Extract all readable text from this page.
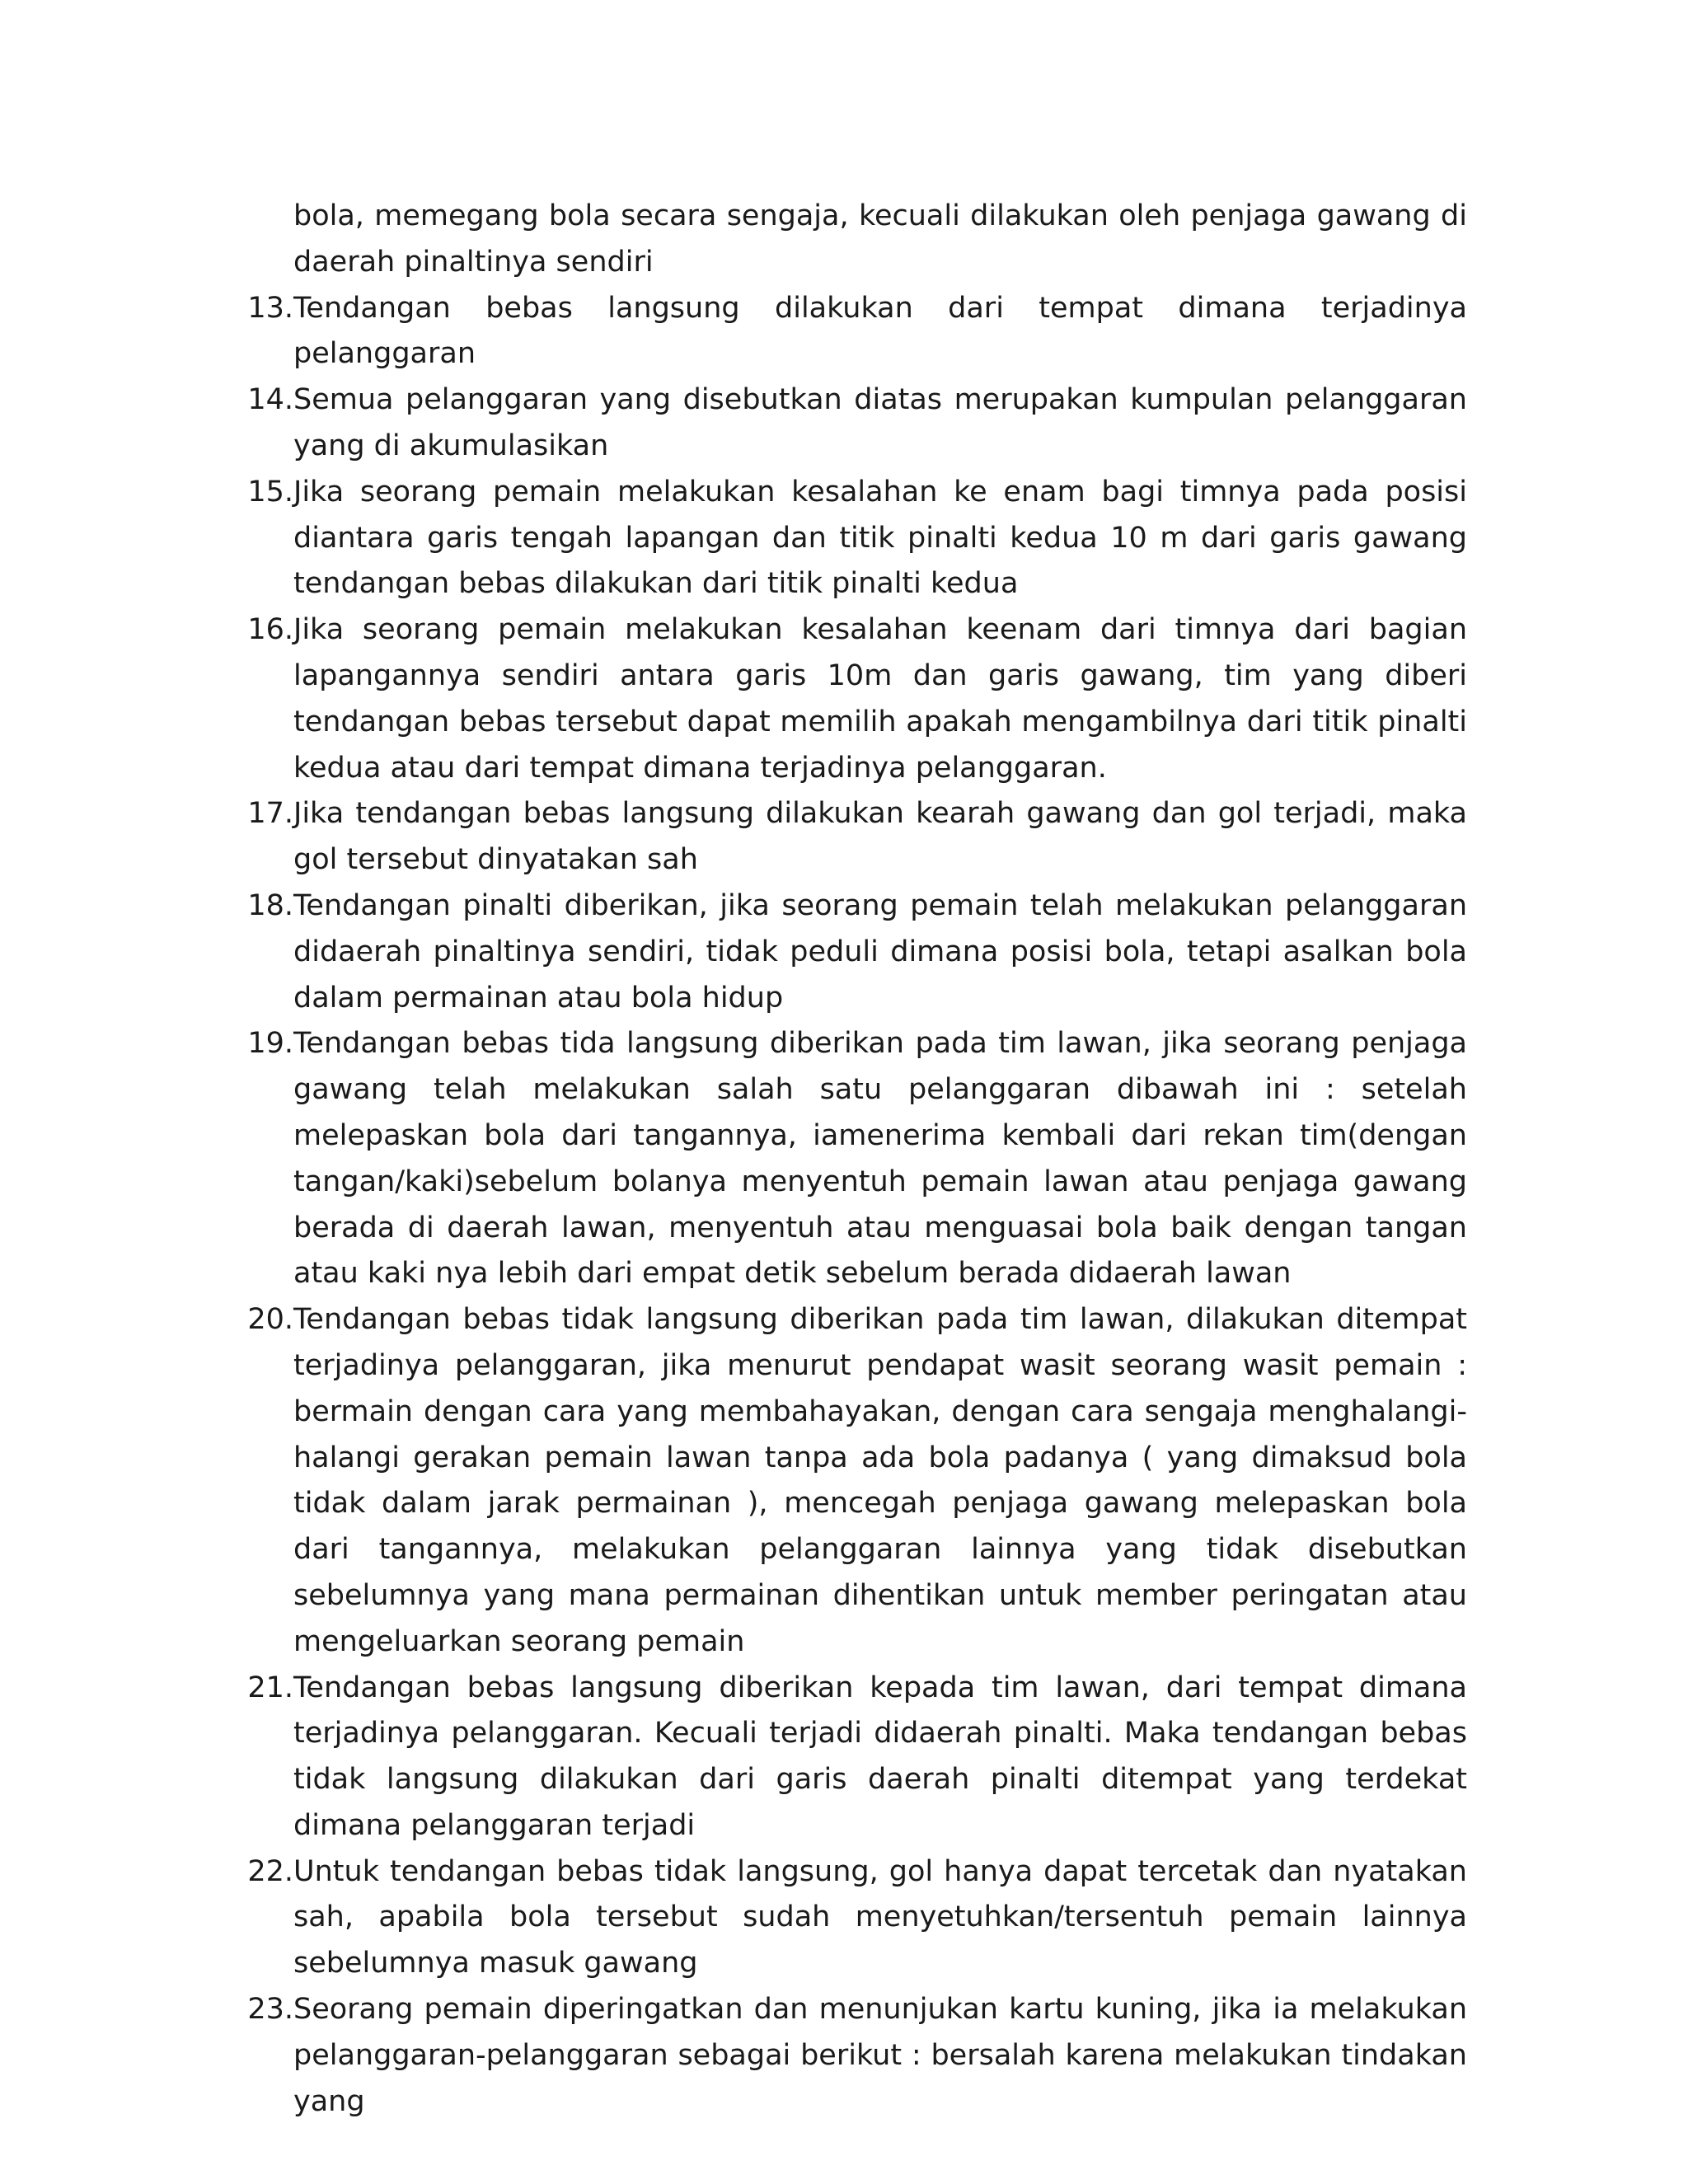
bola, memegang bola secara sengaja, kecuali dilakukan oleh penjaga gawang di daerah pinaltinya sendiri
13. Tendangan bebas langsung dilakukan dari tempat dimana terjadinya pelanggaran
14. Semua pelanggaran yang disebutkan diatas merupakan kumpulan pelanggaran yang di akumulasikan
15. Jika seorang pemain melakukan kesalahan ke enam bagi timnya pada posisi diantara garis tengah lapangan dan titik pinalti kedua 10 m dari garis gawang tendangan bebas dilakukan dari titik pinalti kedua
16. Jika seorang pemain melakukan kesalahan keenam dari timnya dari bagian lapangannya sendiri antara garis 10m dan garis gawang, tim yang diberi tendangan bebas tersebut dapat memilih apakah mengambilnya dari titik pinalti kedua atau dari tempat dimana terjadinya pelanggaran.
17. Jika tendangan bebas langsung dilakukan kearah gawang dan gol terjadi, maka gol tersebut dinyatakan sah
18. Tendangan pinalti diberikan, jika seorang pemain telah melakukan pelanggaran didaerah pinaltinya sendiri, tidak peduli dimana posisi bola, tetapi asalkan bola dalam permainan atau bola hidup
19. Tendangan bebas tida langsung diberikan pada tim lawan, jika seorang penjaga gawang telah melakukan salah satu pelanggaran dibawah ini : setelah melepaskan bola dari tangannya, iamenerima kembali dari rekan tim(dengan tangan/kaki)sebelum bolanya menyentuh pemain lawan atau penjaga gawang berada di daerah lawan, menyentuh atau menguasai bola baik dengan tangan atau kaki nya lebih dari empat detik sebelum berada didaerah lawan
20. Tendangan bebas tidak langsung diberikan pada tim lawan, dilakukan ditempat terjadinya pelanggaran, jika menurut pendapat wasit seorang wasit pemain : bermain dengan cara yang membahayakan, dengan cara sengaja menghalangi-halangi gerakan pemain lawan tanpa ada bola padanya ( yang dimaksud bola tidak dalam jarak permainan ), mencegah penjaga gawang melepaskan bola dari tangannya, melakukan pelanggaran lainnya yang tidak disebutkan sebelumnya yang mana permainan dihentikan untuk member peringatan atau mengeluarkan seorang pemain
21. Tendangan bebas langsung diberikan kepada tim lawan, dari tempat dimana terjadinya pelanggaran. Kecuali terjadi didaerah pinalti. Maka tendangan bebas tidak langsung dilakukan dari garis daerah pinalti ditempat yang terdekat dimana pelanggaran terjadi
22. Untuk tendangan bebas tidak langsung, gol hanya dapat tercetak dan nyatakan sah, apabila bola tersebut sudah menyetuhkan/tersentuh pemain lainnya sebelumnya masuk gawang
23. Seorang pemain diperingatkan dan menunjukan kartu kuning, jika ia melakukan pelanggaran-pelanggaran sebagai berikut : bersalah karena melakukan tindakan yang
